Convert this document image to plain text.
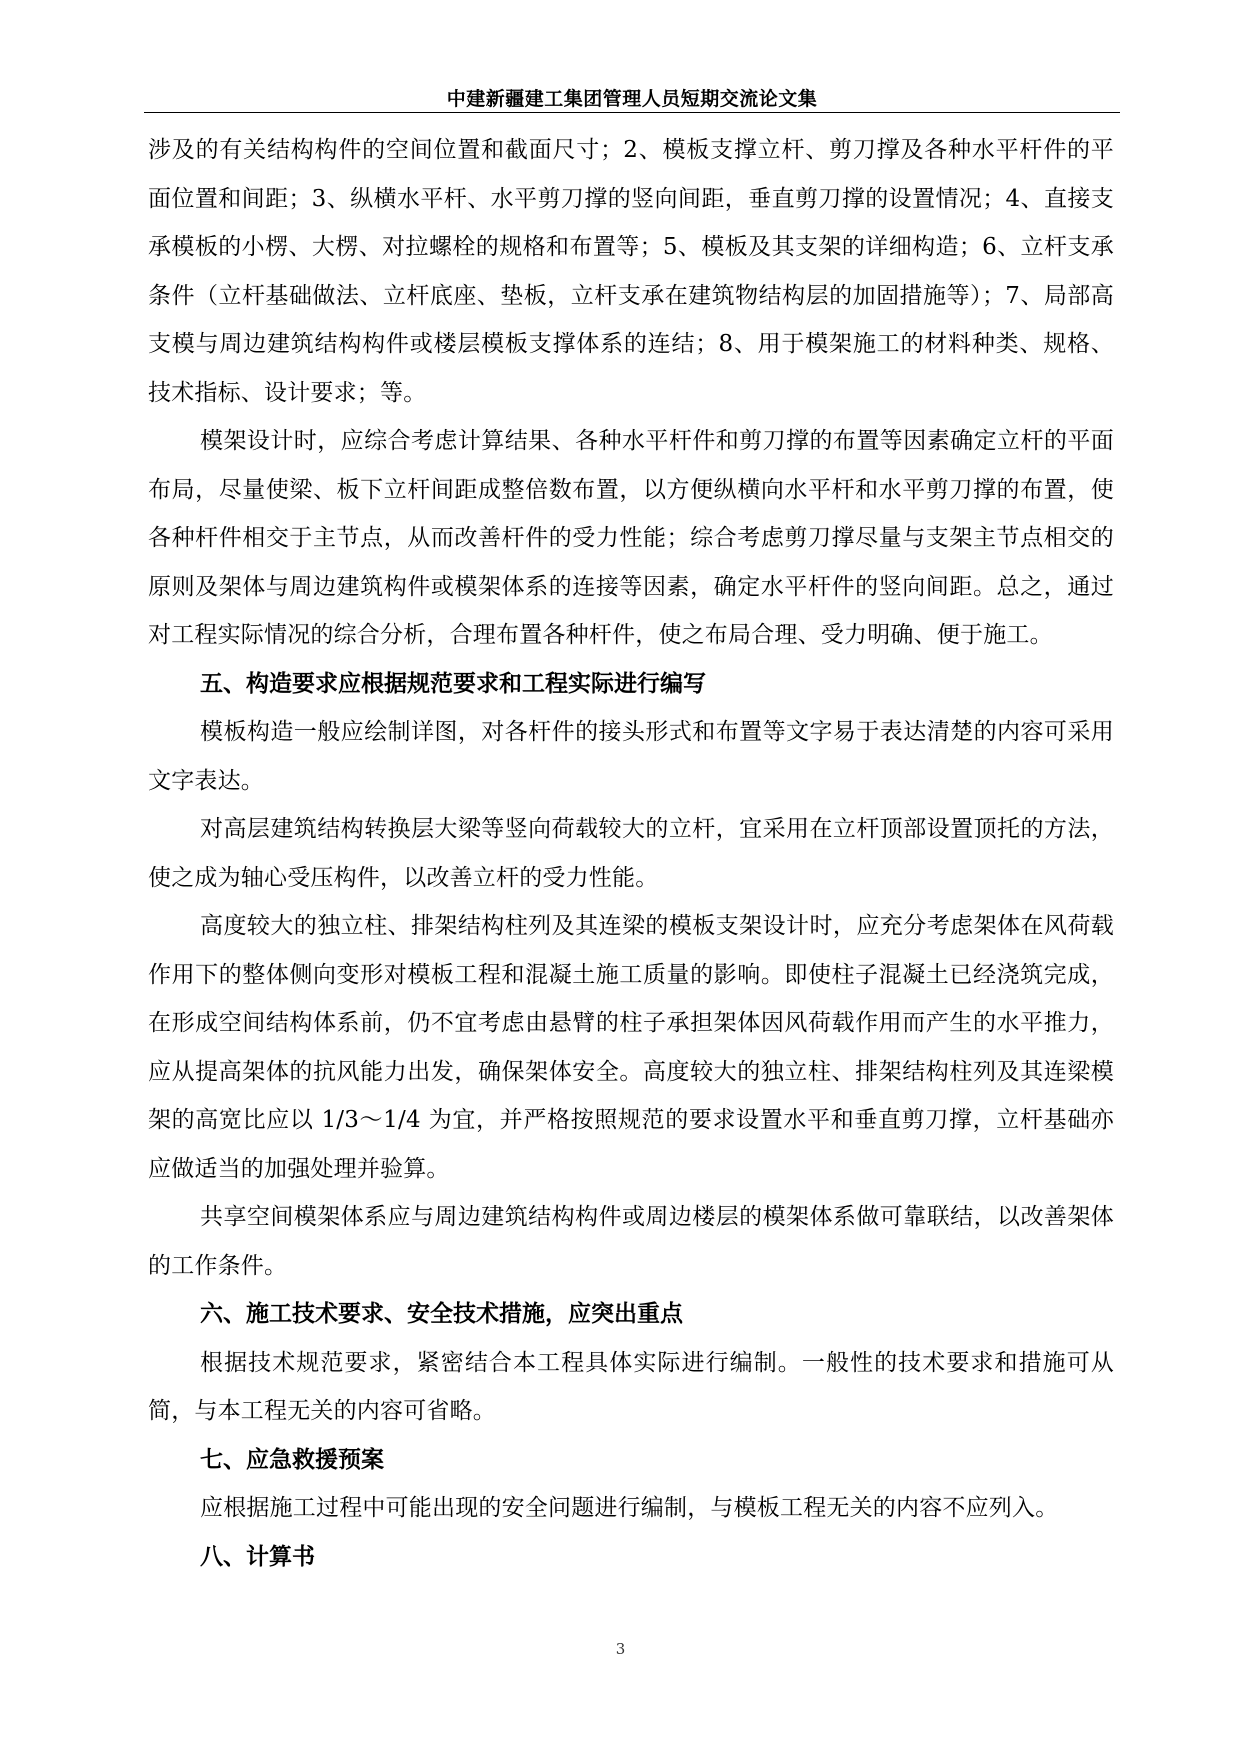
中建新疆建工集团管理人员短期交流论文集

涉及的有关结构构件的空间位置和截面尺寸；2、模板支撑立杆、剪刀撑及各种水平杆件的平面位置和间距；3、纵横水平杆、水平剪刀撑的竖向间距，垂直剪刀撑的设置情况；4、直接支承模板的小楞、大楞、对拉螺栓的规格和布置等；5、模板及其支架的详细构造；6、立杆支承条件（立杆基础做法、立杆底座、垫板，立杆支承在建筑物结构层的加固措施等）；7、局部高支模与周边建筑结构构件或楼层模板支撑体系的连结；8、用于模架施工的材料种类、规格、技术指标、设计要求；等。

模架设计时，应综合考虑计算结果、各种水平杆件和剪刀撑的布置等因素确定立杆的平面布局，尽量使梁、板下立杆间距成整倍数布置，以方便纵横向水平杆和水平剪刀撑的布置，使各种杆件相交于主节点，从而改善杆件的受力性能；综合考虑剪刀撑尽量与支架主节点相交的原则及架体与周边建筑构件或模架体系的连接等因素，确定水平杆件的竖向间距。总之，通过对工程实际情况的综合分析，合理布置各种杆件，使之布局合理、受力明确、便于施工。

五、构造要求应根据规范要求和工程实际进行编写

模板构造一般应绘制详图，对各杆件的接头形式和布置等文字易于表达清楚的内容可采用文字表达。

对高层建筑结构转换层大梁等竖向荷载较大的立杆，宜采用在立杆顶部设置顶托的方法，使之成为轴心受压构件，以改善立杆的受力性能。

高度较大的独立柱、排架结构柱列及其连梁的模板支架设计时，应充分考虑架体在风荷载作用下的整体侧向变形对模板工程和混凝土施工质量的影响。即使柱子混凝土已经浇筑完成，在形成空间结构体系前，仍不宜考虑由悬臂的柱子承担架体因风荷载作用而产生的水平推力，应从提高架体的抗风能力出发，确保架体安全。高度较大的独立柱、排架结构柱列及其连梁模架的高宽比应以 1/3～1/4 为宜，并严格按照规范的要求设置水平和垂直剪刀撑，立杆基础亦应做适当的加强处理并验算。

共享空间模架体系应与周边建筑结构构件或周边楼层的模架体系做可靠联结，以改善架体的工作条件。

六、施工技术要求、安全技术措施，应突出重点

根据技术规范要求，紧密结合本工程具体实际进行编制。一般性的技术要求和措施可从简，与本工程无关的内容可省略。

七、应急救援预案

应根据施工过程中可能出现的安全问题进行编制，与模板工程无关的内容不应列入。

八、计算书

3
